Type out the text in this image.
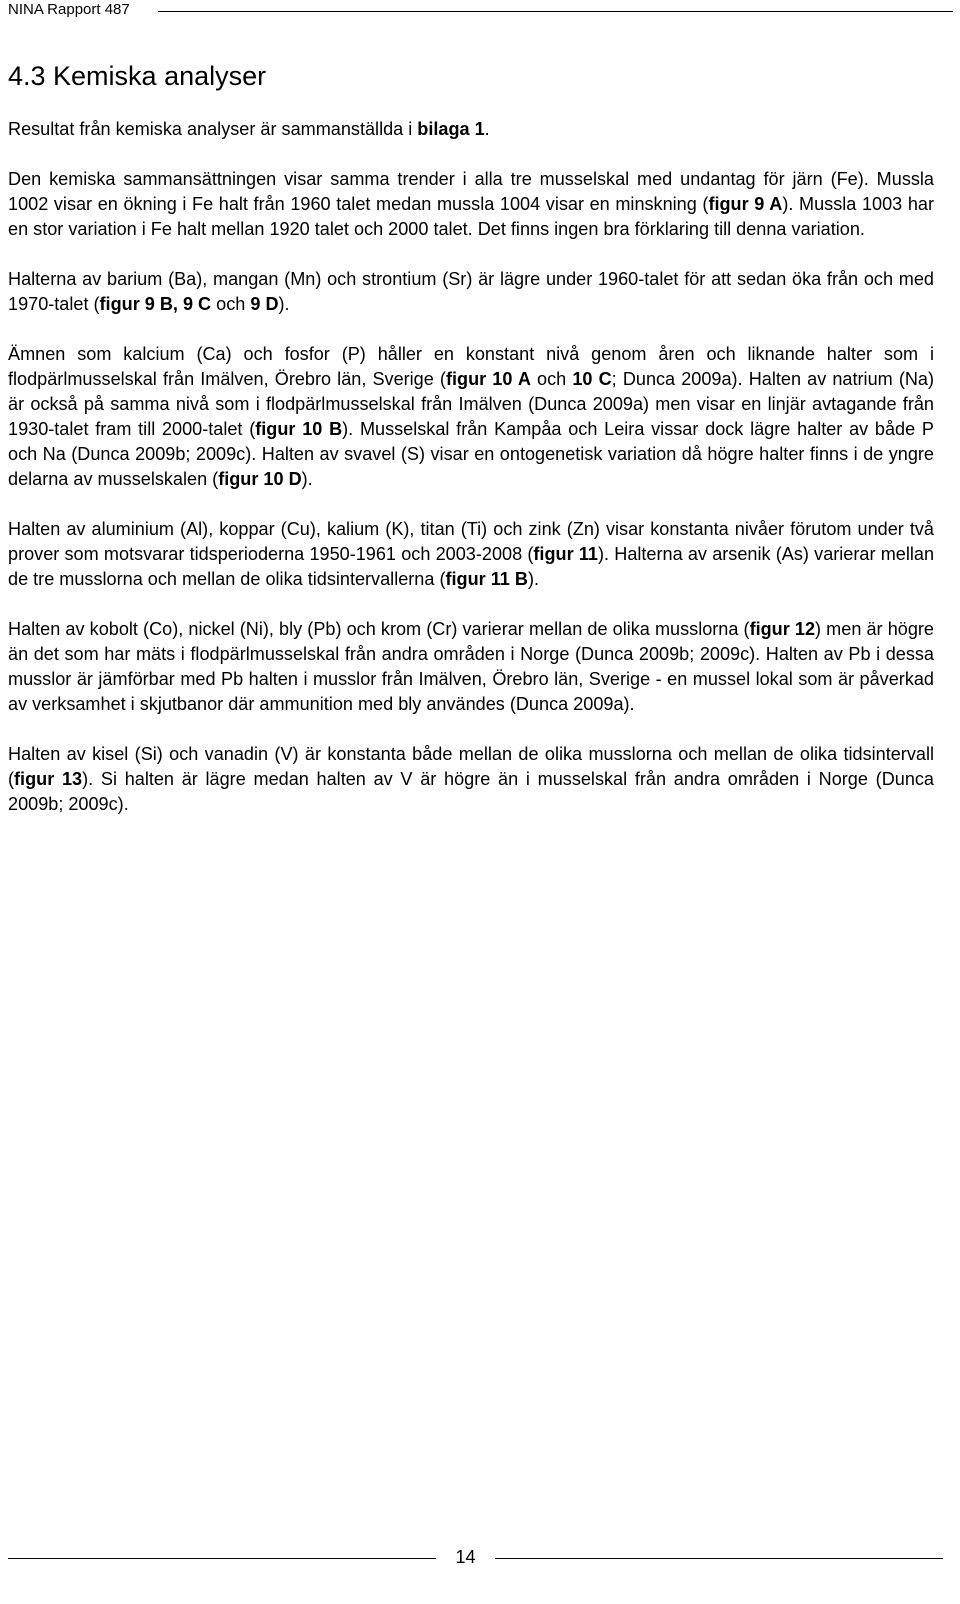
NINA Rapport 487
4.3 Kemiska analyser

Resultat från kemiska analyser är sammanställda i bilaga 1.

Den kemiska sammansättningen visar samma trender i alla tre musselskal med undantag för järn (Fe). Mussla 1002 visar en ökning i Fe halt från 1960 talet medan mussla 1004 visar en minskning (figur 9 A). Mussla 1003 har en stor variation i Fe halt mellan 1920 talet och 2000 talet. Det finns ingen bra förklaring till denna variation.

Halterna av barium (Ba), mangan (Mn) och strontium (Sr) är lägre under 1960-talet för att sedan öka från och med 1970-talet (figur 9 B, 9 C och 9 D).

Ämnen som kalcium (Ca) och fosfor (P) håller en konstant nivå genom åren och liknande halter som i flodpärlmusselskal från Imälven, Örebro län, Sverige (figur 10 A och 10 C; Dunca 2009a). Halten av natrium (Na) är också på samma nivå som i flodpärlmusselskal från Imälven (Dunca 2009a) men visar en linjär avtagande från 1930-talet fram till 2000-talet (figur 10 B). Musselskal från Kampåa och Leira vissar dock lägre halter av både P och Na (Dunca 2009b; 2009c). Halten av svavel (S) visar en ontogenetisk variation då högre halter finns i de yngre delarna av musselskalen (figur 10 D).

Halten av aluminium (Al), koppar (Cu), kalium (K), titan (Ti) och zink (Zn) visar konstanta nivåer förutom under två prover som motsvarar tidsperioderna 1950-1961 och 2003-2008 (figur 11). Halterna av arsenik (As) varierar mellan de tre musslorna och mellan de olika tidsintervallerna (figur 11 B).

Halten av kobolt (Co), nickel (Ni), bly (Pb) och krom (Cr) varierar mellan de olika musslorna (figur 12) men är högre än det som har mäts i flodpärlmusselskal från andra områden i Norge (Dunca 2009b; 2009c). Halten av Pb i dessa musslor är jämförbar med Pb halten i musslor från Imälven, Örebro län, Sverige - en mussel lokal som är påverkad av verksamhet i skjutbanor där ammunition med bly användes (Dunca 2009a).

Halten av kisel (Si) och vanadin (V) är konstanta både mellan de olika musslorna och mellan de olika tidsintervall (figur 13). Si halten är lägre medan halten av V är högre än i musselskal från andra områden i Norge (Dunca 2009b; 2009c).

14
